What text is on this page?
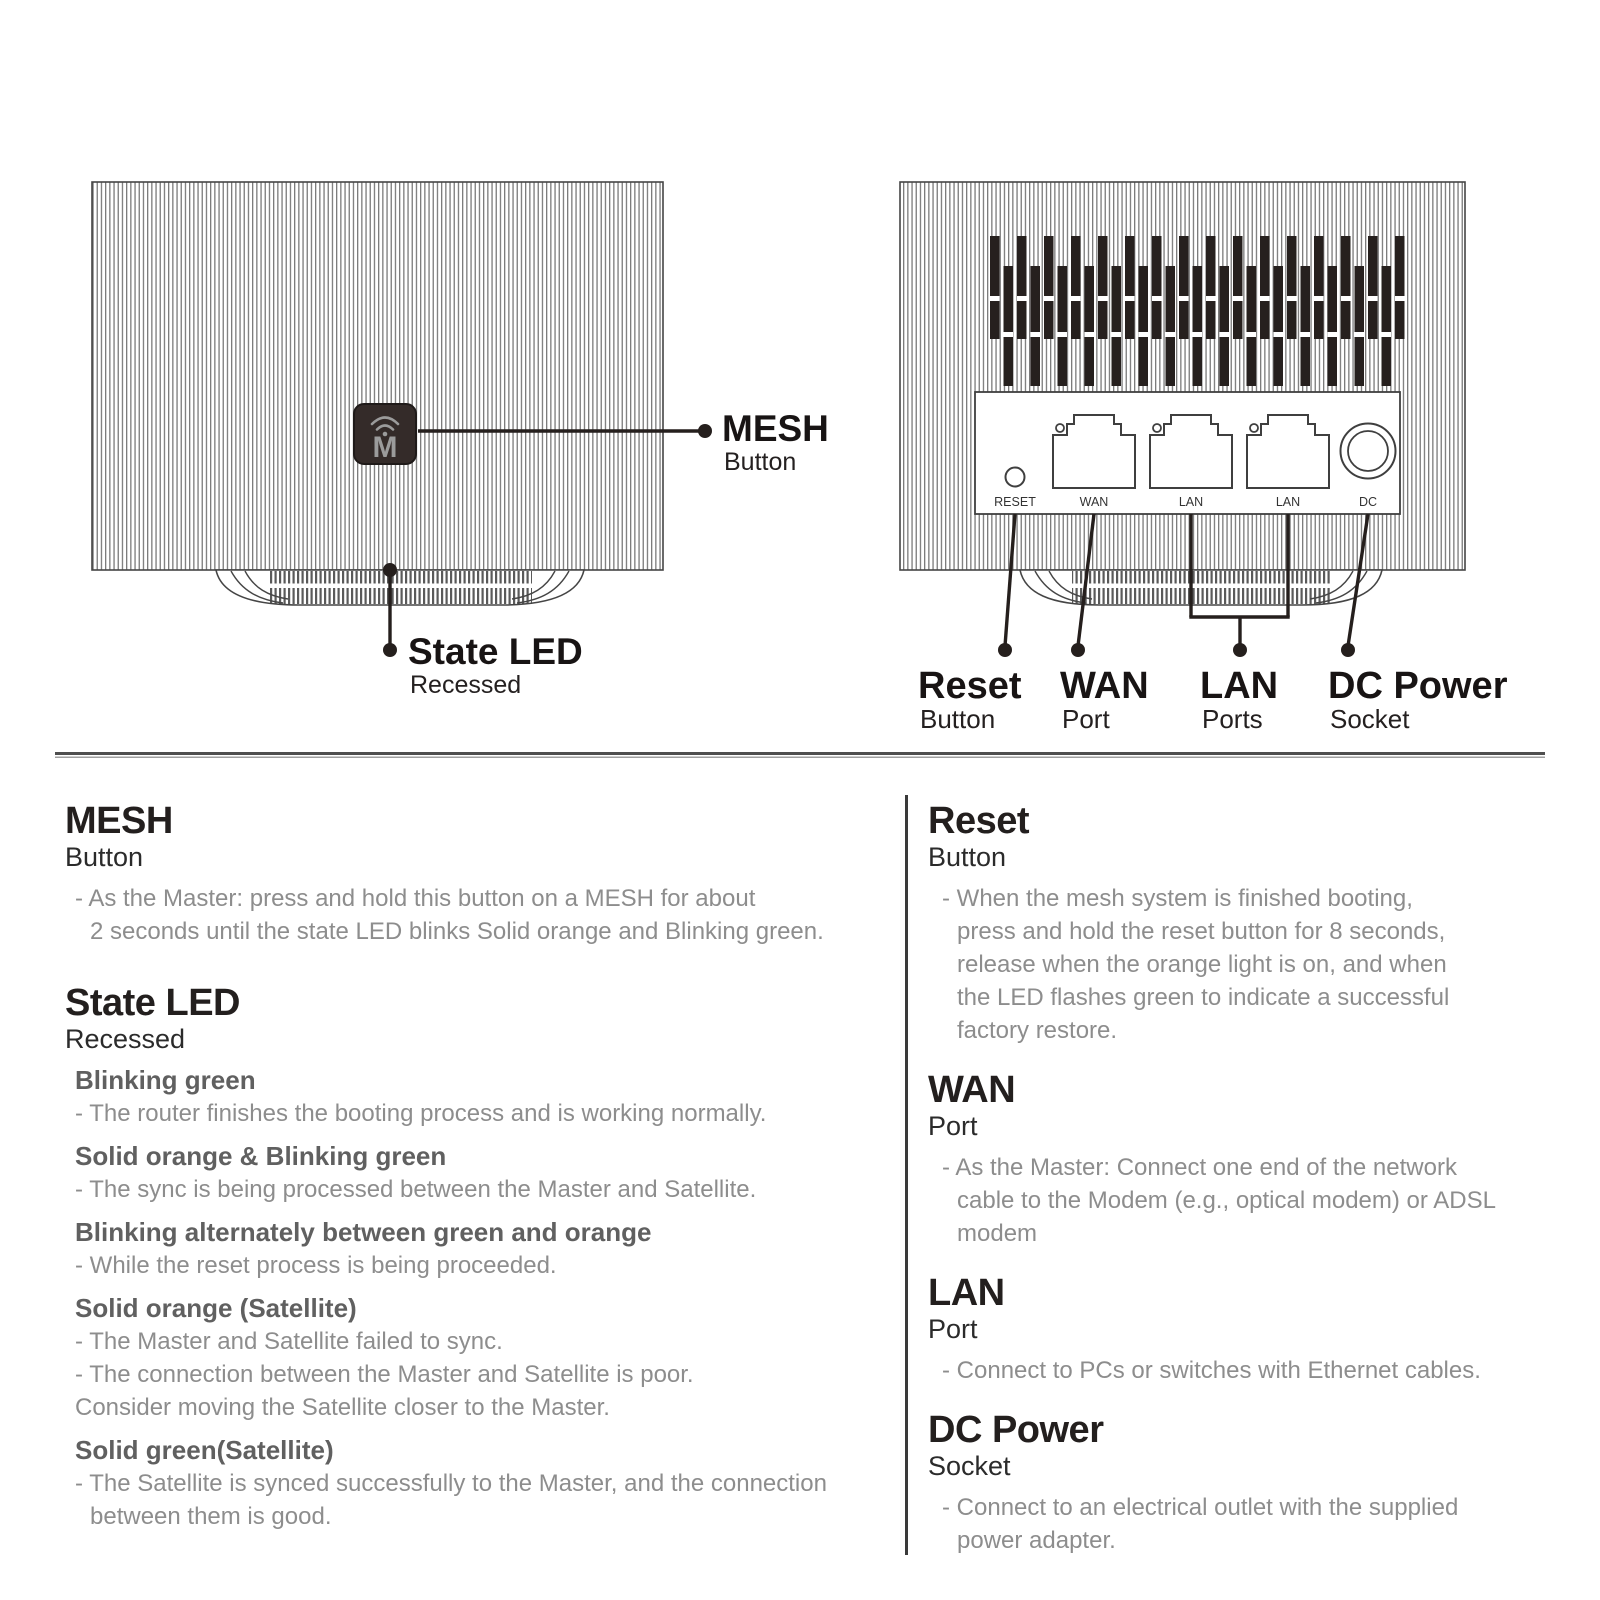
M	MESH
Button
State LED
Recessed
RESET	WAN	LAN	LAN	DC
Reset
Button
WAN
Port
LAN
Ports
DC Power
Socket
MESH
Button
- As the Master: press and hold this button on a MESH for about
2 seconds until the state LED blinks Solid orange and Blinking green.
State LED
Recessed
Blinking green
- The router finishes the booting process and is working normally.
Solid orange & Blinking green
- The sync is being processed between the Master and Satellite.
Blinking alternately between green and orange
- While the reset process is being proceeded.
Solid orange (Satellite)
- The Master and Satellite failed to sync.
- The connection between the Master and Satellite is poor.
Consider moving the Satellite closer to the Master.
Solid green(Satellite)
- The Satellite is synced successfully to the Master, and the connection
between them is good.
Reset
Button
- When the mesh system is finished booting,
press and hold the reset button for 8 seconds,
release when the orange light is on, and when
the LED flashes green to indicate a successful
factory restore.
WAN
Port
- As the Master: Connect one end of the network
cable to the Modem (e.g., optical modem) or ADSL
modem
LAN
Port
- Connect to PCs or switches with Ethernet cables.
DC Power
Socket
- Connect to an electrical outlet with the supplied
power adapter.
